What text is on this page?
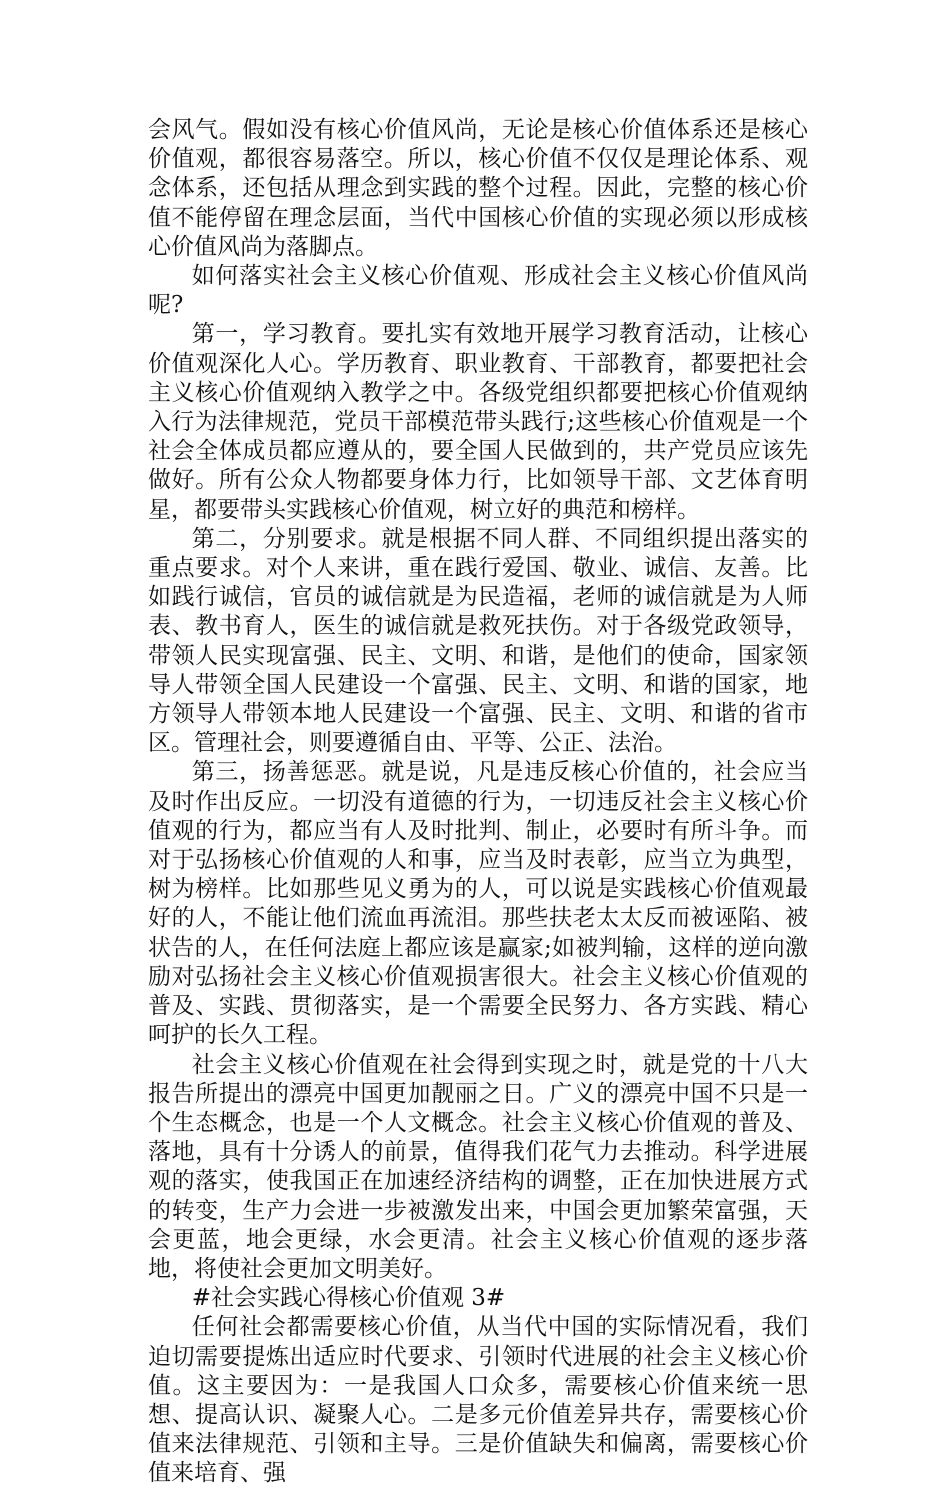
会风气。假如没有核心价值风尚，无论是核心价值体系还是核心价值观，都很容易落空。所以，核心价值不仅仅是理论体系、观念体系，还包括从理念到实践的整个过程。因此，完整的核心价值不能停留在理念层面，当代中国核心价值的实现必须以形成核心价值风尚为落脚点。

如何落实社会主义核心价值观、形成社会主义核心价值风尚呢?

第一，学习教育。要扎实有效地开展学习教育活动，让核心价值观深化人心。学历教育、职业教育、干部教育，都要把社会主义核心价值观纳入教学之中。各级党组织都要把核心价值观纳入行为法律规范，党员干部模范带头践行;这些核心价值观是一个社会全体成员都应遵从的，要全国人民做到的，共产党员应该先做好。所有公众人物都要身体力行，比如领导干部、文艺体育明星，都要带头实践核心价值观，树立好的典范和榜样。

第二，分别要求。就是根据不同人群、不同组织提出落实的重点要求。对个人来讲，重在践行爱国、敬业、诚信、友善。比如践行诚信，官员的诚信就是为民造福，老师的诚信就是为人师表、教书育人，医生的诚信就是救死扶伤。对于各级党政领导，带领人民实现富强、民主、文明、和谐，是他们的使命，国家领导人带领全国人民建设一个富强、民主、文明、和谐的国家，地方领导人带领本地人民建设一个富强、民主、文明、和谐的省市区。管理社会，则要遵循自由、平等、公正、法治。

第三，扬善惩恶。就是说，凡是违反核心价值的，社会应当及时作出反应。一切没有道德的行为，一切违反社会主义核心价值观的行为，都应当有人及时批判、制止，必要时有所斗争。而对于弘扬核心价值观的人和事，应当及时表彰，应当立为典型，树为榜样。比如那些见义勇为的人，可以说是实践核心价值观最好的人，不能让他们流血再流泪。那些扶老太太反而被诬陷、被状告的人，在任何法庭上都应该是赢家;如被判输，这样的逆向激励对弘扬社会主义核心价值观损害很大。社会主义核心价值观的普及、实践、贯彻落实，是一个需要全民努力、各方实践、精心呵护的长久工程。

社会主义核心价值观在社会得到实现之时，就是党的十八大报告所提出的漂亮中国更加靓丽之日。广义的漂亮中国不只是一个生态概念，也是一个人文概念。社会主义核心价值观的普及、落地，具有十分诱人的前景，值得我们花气力去推动。科学进展观的落实，使我国正在加速经济结构的调整，正在加快进展方式的转变，生产力会进一步被激发出来，中国会更加繁荣富强，天会更蓝，地会更绿，水会更清。社会主义核心价值观的逐步落地，将使社会更加文明美好。

#社会实践心得核心价值观 3#

任何社会都需要核心价值，从当代中国的实际情况看，我们迫切需要提炼出适应时代要求、引领时代进展的社会主义核心价值。这主要因为：一是我国人口众多，需要核心价值来统一思想、提高认识、凝聚人心。二是多元价值差异共存，需要核心价值来法律规范、引领和主导。三是价值缺失和偏离，需要核心价值来培育、强
